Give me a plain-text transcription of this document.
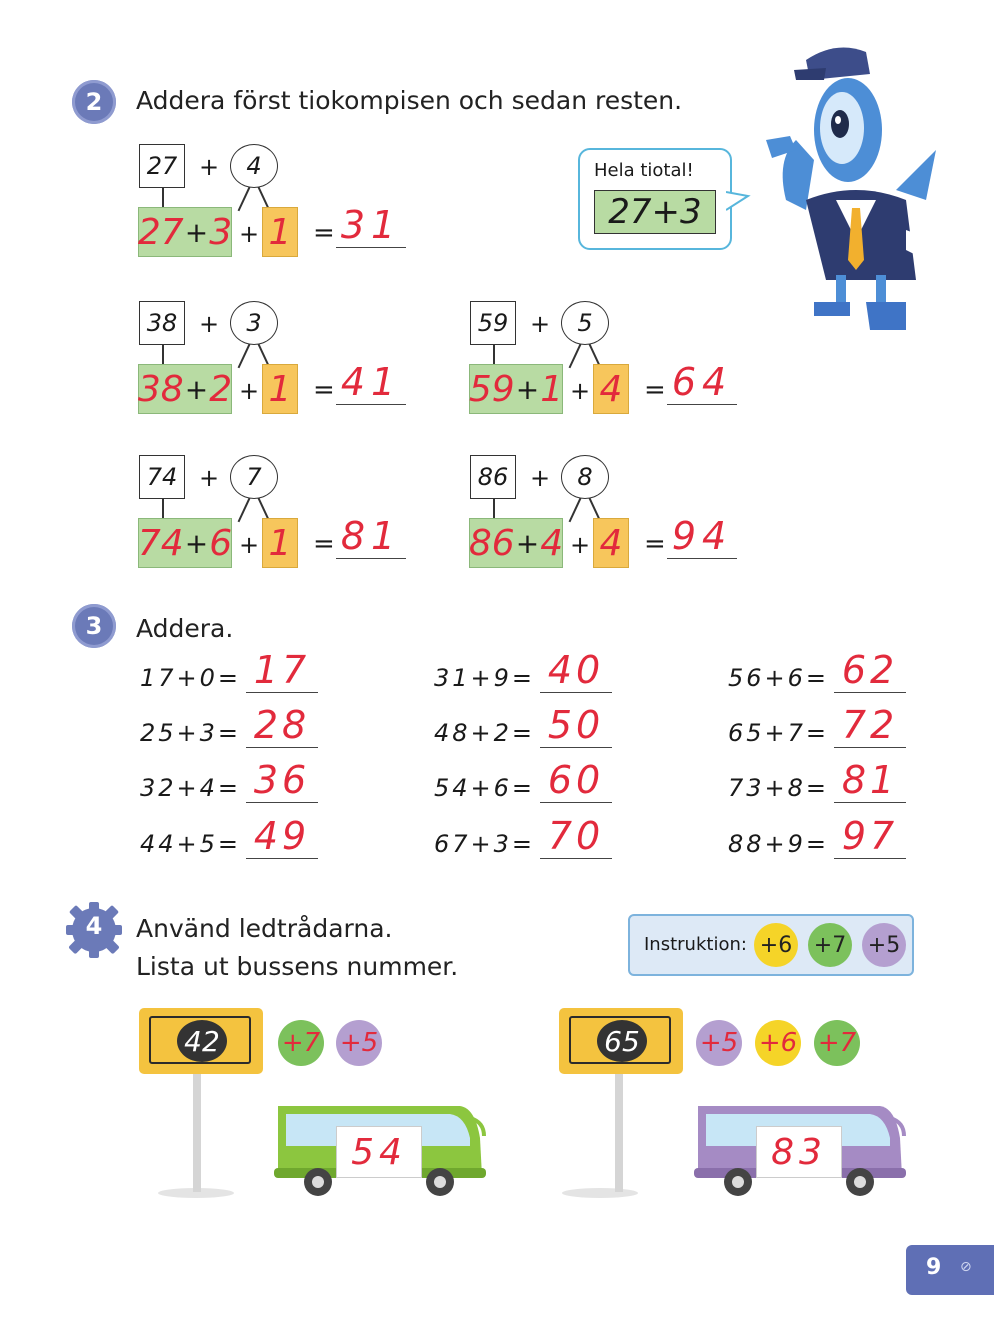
2	Addera först tiokompisen och sedan resten.
27 +	4
27 + 3 + 1 = 31
38 +	3
38 + 2 + 1 = 41
59 +	5
59 + 1 + 4 = 64
74 +	7
74 + 6 + 1 = 81
86 +	8
86 + 4 + 4 = 94
Hela tiotal!
27+3
3	Addera.
17+0= 17
25+3= 28
32+4= 36
44+5= 49
31+9= 40
48+2= 50
54+6= 60
67+3= 70
56+6= 62
65+7= 72
73+8= 81
88+9= 97
4	Använd ledtrådarna.
Lista ut bussens nummer.
Instruktion: +6 +7 +5
42 +7 +5
54
65 +5 +6 +7
83
9 ⊘
